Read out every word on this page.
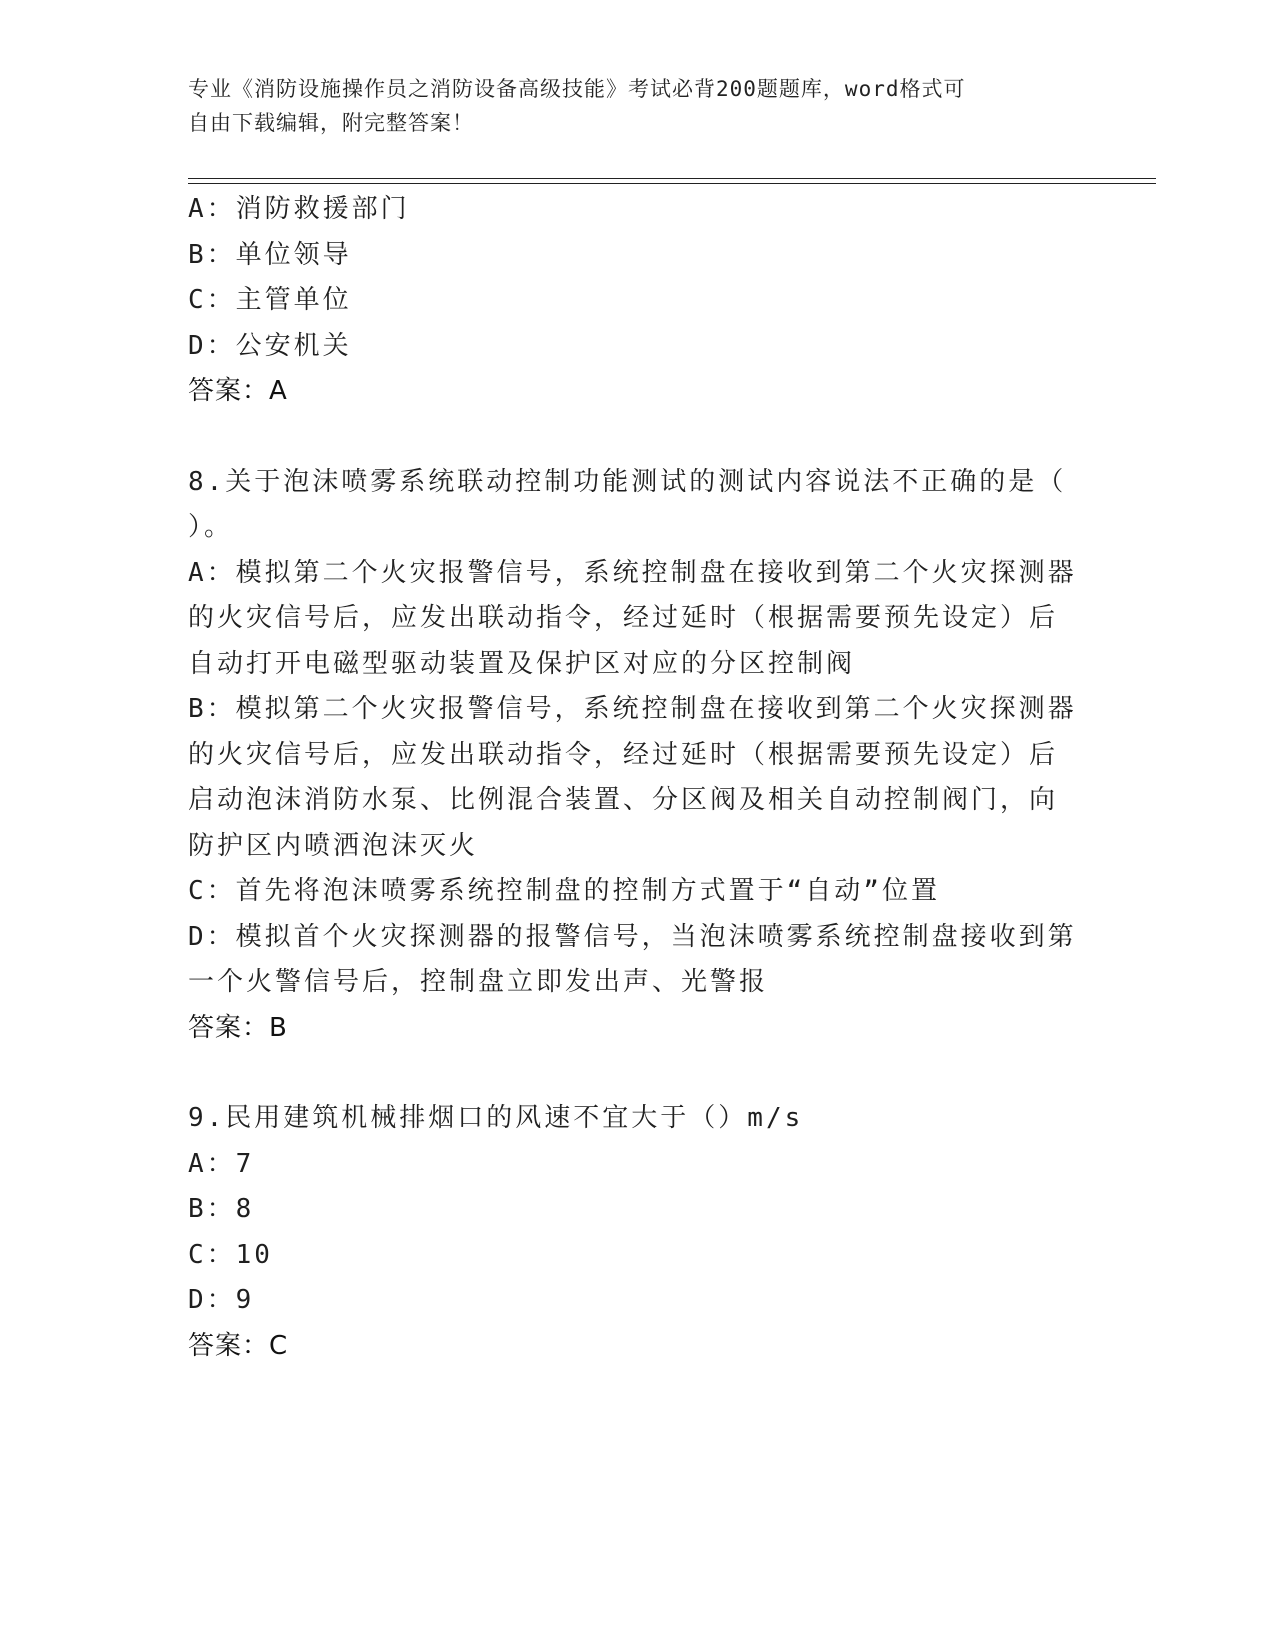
专业《消防设施操作员之消防设备高级技能》考试必背200题题库，word格式可
自由下载编辑，附完整答案！
A：消防救援部门
B：单位领导
C：主管单位
D：公安机关
答案：A
8.关于泡沫喷雾系统联动控制功能测试的测试内容说法不正确的是（
）。
A：模拟第二个火灾报警信号，系统控制盘在接收到第二个火灾探测器
的火灾信号后，应发出联动指令，经过延时（根据需要预先设定）后
自动打开电磁型驱动装置及保护区对应的分区控制阀
B：模拟第二个火灾报警信号，系统控制盘在接收到第二个火灾探测器
的火灾信号后，应发出联动指令，经过延时（根据需要预先设定）后
启动泡沫消防水泵、比例混合装置、分区阀及相关自动控制阀门，向
防护区内喷洒泡沫灭火
C：首先将泡沫喷雾系统控制盘的控制方式置于“自动”位置
D：模拟首个火灾探测器的报警信号，当泡沫喷雾系统控制盘接收到第
一个火警信号后，控制盘立即发出声、光警报
答案：B
9.民用建筑机械排烟口的风速不宜大于（）m/s
A：7
B：8
C：10
D：9
答案：C
